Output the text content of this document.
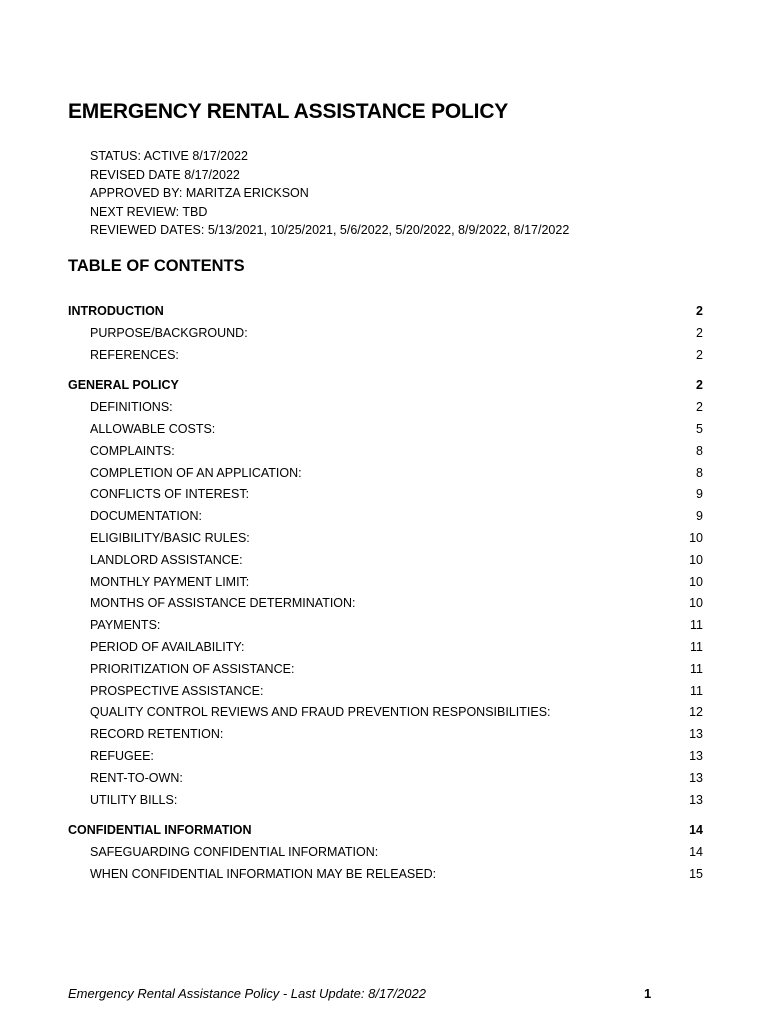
EMERGENCY RENTAL ASSISTANCE POLICY
STATUS: ACTIVE 8/17/2022
REVISED DATE 8/17/2022
APPROVED BY: MARITZA ERICKSON
NEXT REVIEW: TBD
REVIEWED DATES: 5/13/2021, 10/25/2021, 5/6/2022, 5/20/2022, 8/9/2022, 8/17/2022
TABLE OF CONTENTS
INTRODUCTION	2
PURPOSE/BACKGROUND:	2
REFERENCES:	2
GENERAL POLICY	2
DEFINITIONS:	2
ALLOWABLE COSTS:	5
COMPLAINTS:	8
COMPLETION OF AN APPLICATION:	8
CONFLICTS OF INTEREST:	9
DOCUMENTATION:	9
ELIGIBILITY/BASIC RULES:	10
LANDLORD ASSISTANCE:	10
MONTHLY PAYMENT LIMIT:	10
MONTHS OF ASSISTANCE DETERMINATION:	10
PAYMENTS:	11
PERIOD OF AVAILABILITY:	11
PRIORITIZATION OF ASSISTANCE:	11
PROSPECTIVE ASSISTANCE:	11
QUALITY CONTROL REVIEWS AND FRAUD PREVENTION RESPONSIBILITIES:	12
RECORD RETENTION:	13
REFUGEE:	13
RENT-TO-OWN:	13
UTILITY BILLS:	13
CONFIDENTIAL INFORMATION	14
SAFEGUARDING CONFIDENTIAL INFORMATION:	14
WHEN CONFIDENTIAL INFORMATION MAY BE RELEASED:	15
Emergency Rental Assistance Policy - Last Update: 8/17/2022	1
